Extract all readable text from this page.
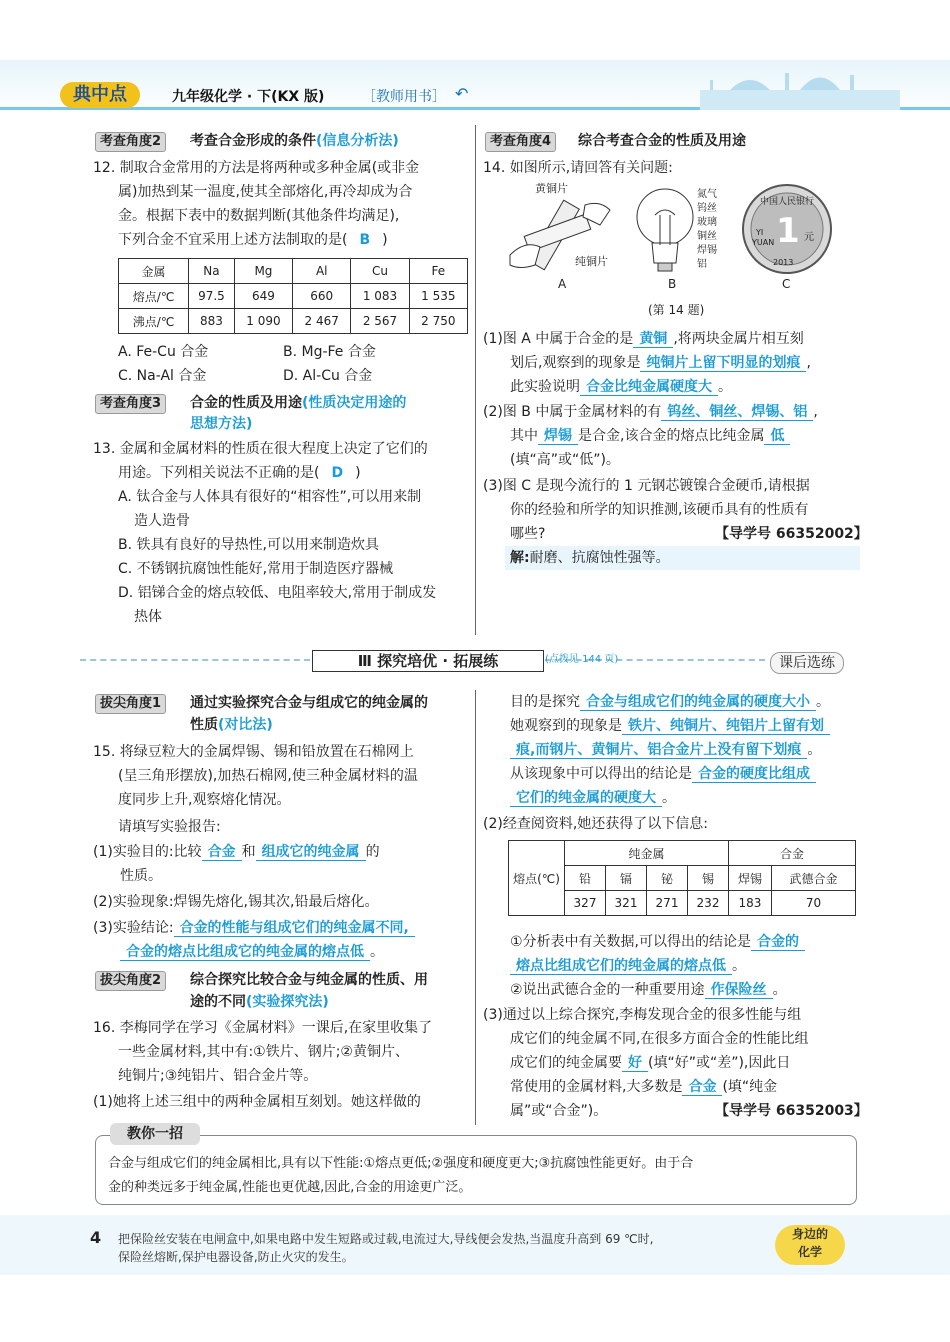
典中点	九年级化学 · 下(KX 版)	［教师用书］ ↶
考查角度2	考查合金形成的条件(信息分析法)
12. 制取合金常用的方法是将两种或多种金属(或非金
属)加热到某一温度,使其全部熔化,再冷却成为合
金。根据下表中的数据判断(其他条件均满足),
下列合金不宜采用上述方法制取的是( B )
金属	Na	Mg	Al	Cu	Fe
熔点/℃	97.5	649	660	1 083	1 535
沸点/℃	883	1 090	2 467	2 567	2 750
A. Fe-Cu 合金	B. Mg-Fe 合金
C. Na-Al 合金	D. Al-Cu 合金
考查角度3	合金的性质及用途(性质决定用途的
思想方法)
13. 金属和金属材料的性质在很大程度上决定了它们的
用途。下列相关说法不正确的是( D )
A. 钛合金与人体具有很好的“相容性”,可以用来制
造人造骨
B. 铁具有良好的导热性,可以用来制造炊具
C. 不锈钢抗腐蚀性能好,常用于制造医疗器械
D. 铝锑合金的熔点较低、电阻率较大,常用于制成发
热体
考查角度4	综合考查合金的性质及用途
14. 如图所示,请回答有关问题:
黄铜片
纯铜片
A
氮气
钨丝
玻璃
铜丝
焊锡
铝
B
中国人民银行
1 元
YI
YUAN
2013
C
(第 14 题)
(1)图 A 中属于合金的是 黄铜 ,将两块金属片相互刻
划后,观察到的现象是 纯铜片上留下明显的划痕 ,
此实验说明 合金比纯金属硬度大 。
(2)图 B 中属于金属材料的有 钨丝、铜丝、焊锡、铝 ,
其中 焊锡 是合金,该合金的熔点比纯金属 低
(填“高”或“低”)。
(3)图 C 是现今流行的 1 元钢芯镀镍合金硬币,请根据
你的经验和所学的知识推测,该硬币具有的性质有
哪些?	【导学号 66352002】
解:耐磨、抗腐蚀性强等。
Ⅲ 探究培优 · 拓展练	(点拨见 144 页)	课后选练
拔尖角度1	通过实验探究合金与组成它的纯金属的
性质(对比法)
15. 将绿豆粒大的金属焊锡、锡和铅放置在石棉网上
(呈三角形摆放),加热石棉网,使三种金属材料的温
度同步上升,观察熔化情况。
请填写实验报告:
(1)实验目的:比较 合金 和 组成它的纯金属 的
性质。
(2)实验现象:焊锡先熔化,锡其次,铅最后熔化。
(3)实验结论: 合金的性能与组成它们的纯金属不同,
合金的熔点比组成它的纯金属的熔点低 。
拔尖角度2	综合探究比较合金与纯金属的性质、用
途的不同(实验探究法)
16. 李梅同学在学习《金属材料》一课后,在家里收集了
一些金属材料,其中有:①铁片、钢片;②黄铜片、
纯铜片;③纯铝片、铝合金片等。
(1)她将上述三组中的两种金属相互刻划。她这样做的
目的是探究 合金与组成它们的纯金属的硬度大小 。
她观察到的现象是 铁片、纯铜片、纯铝片上留有划
痕,而钢片、黄铜片、铝合金片上没有留下划痕 。
从该现象中可以得出的结论是 合金的硬度比组成
它们的纯金属的硬度大 。
(2)经查阅资料,她还获得了以下信息:
熔点(℃)	纯金属				合金	
	铅	镉	铋	锡	焊锡	武德合金
	327	321	271	232	183	70
①分析表中有关数据,可以得出的结论是 合金的
熔点比组成它们的纯金属的熔点低 。
②说出武德合金的一种重要用途 作保险丝 。
(3)通过以上综合探究,李梅发现合金的很多性能与组
成它们的纯金属不同,在很多方面合金的性能比组
成它们的纯金属要 好 (填“好”或“差”),因此日
常使用的金属材料,大多数是 合金 (填“纯金
属”或“合金”)。	【导学号 66352003】
教你一招
合金与组成它们的纯金属相比,具有以下性能:①熔点更低;②强度和硬度更大;③抗腐蚀性能更好。由于合
金的种类远多于纯金属,性能也更优越,因此,合金的用途更广泛。
4 把保险丝安装在电闸盒中,如果电路中发生短路或过载,电流过大,导线便会发热,当温度升高到 69 ℃时,
保险丝熔断,保护电器设备,防止火灾的发生。
身边的
化学
